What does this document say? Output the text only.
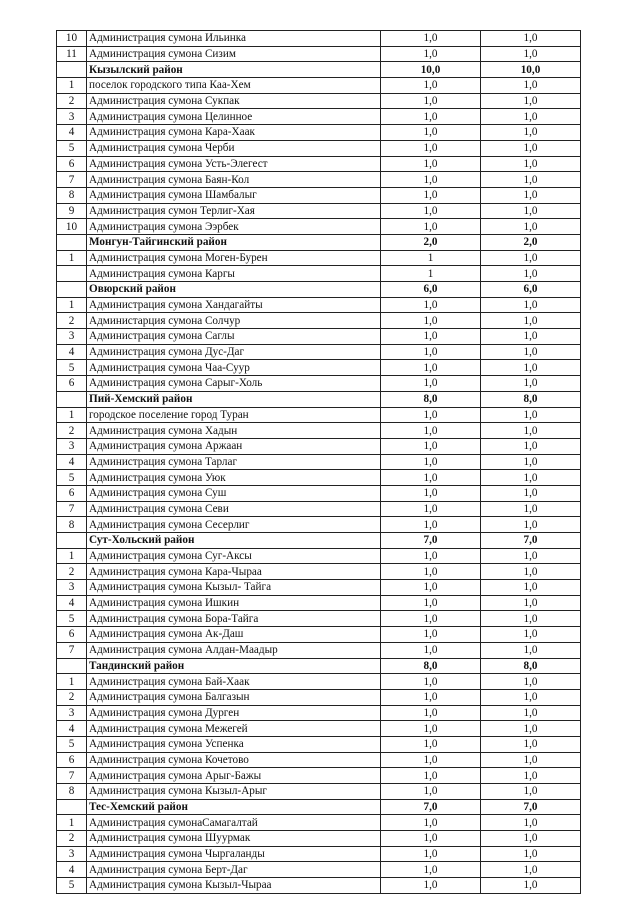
10	Администрация сумона Ильинка	1,0	1,0
11	Администрация сумона Сизим	1,0	1,0
	Кызылский район	10,0	10,0
1	поселок городского типа Каа-Хем	1,0	1,0
2	Администрация сумона Сукпак	1,0	1,0
3	Администрация сумона Целинное	1,0	1,0
4	Администрация сумона Кара-Хаак	1,0	1,0
5	Администрация сумона Черби	1,0	1,0
6	Администрация сумона Усть-Элегест	1,0	1,0
7	Администрация сумона Баян-Кол	1,0	1,0
8	Администрация сумона Шамбалыг	1,0	1,0
9	Администрация сумон Терлиг-Хая	1,0	1,0
10	Администрация сумона Ээрбек	1,0	1,0
	Монгун-Тайгинский район	2,0	2,0
1	Администрация сумона Моген-Бурен	1	1,0
	Администрация сумона Каргы	1	1,0
	Овюрский район	6,0	6,0
1	Администрация сумона Хандагайты	1,0	1,0
2	Администарция сумона Солчур	1,0	1,0
3	Администрация сумона Саглы	1,0	1,0
4	Администрация сумона Дус-Даг	1,0	1,0
5	Администрация сумона Чаа-Суур	1,0	1,0
6	Администрация сумона Сарыг-Холь	1,0	1,0
	Пий-Хемский район	8,0	8,0
1	городское поселение город Туран	1,0	1,0
2	Администрация сумона Хадын	1,0	1,0
3	Администрация сумона Аржаан	1,0	1,0
4	Администрация сумона Тарлаг	1,0	1,0
5	Администрация сумона Уюк	1,0	1,0
6	Администрация сумона Суш	1,0	1,0
7	Администрация сумона Севи	1,0	1,0
8	Администрация сумона Сесерлиг	1,0	1,0
	Сут-Хольский район	7,0	7,0
1	Администрация сумона Суг-Аксы	1,0	1,0
2	Администрация сумона Кара-Чыраа	1,0	1,0
3	Администрация сумона Кызыл- Тайга	1,0	1,0
4	Администрация сумона Ишкин	1,0	1,0
5	Администрация сумона Бора-Тайга	1,0	1,0
6	Администрация сумона Ак-Даш	1,0	1,0
7	Администрация сумона Алдан-Маадыр	1,0	1,0
	Тандинский район	8,0	8,0
1	Администрация сумона Бай-Хаак	1,0	1,0
2	Администрация сумона Балгазын	1,0	1,0
3	Администрация сумона Дурген	1,0	1,0
4	Администрация сумона Межегей	1,0	1,0
5	Администрация сумона Успенка	1,0	1,0
6	Администрация сумона Кочетово	1,0	1,0
7	Администрация сумона Арыг-Бажы	1,0	1,0
8	Администрация сумона Кызыл-Арыг	1,0	1,0
	Тес-Хемский район	7,0	7,0
1	Администрация сумонаСамагалтай	1,0	1,0
2	Администрация сумона Шуурмак	1,0	1,0
3	Администрация сумона Чыргаланды	1,0	1,0
4	Администрация сумона Берт-Даг	1,0	1,0
5	Администрация сумона Кызыл-Чыраа	1,0	1,0
